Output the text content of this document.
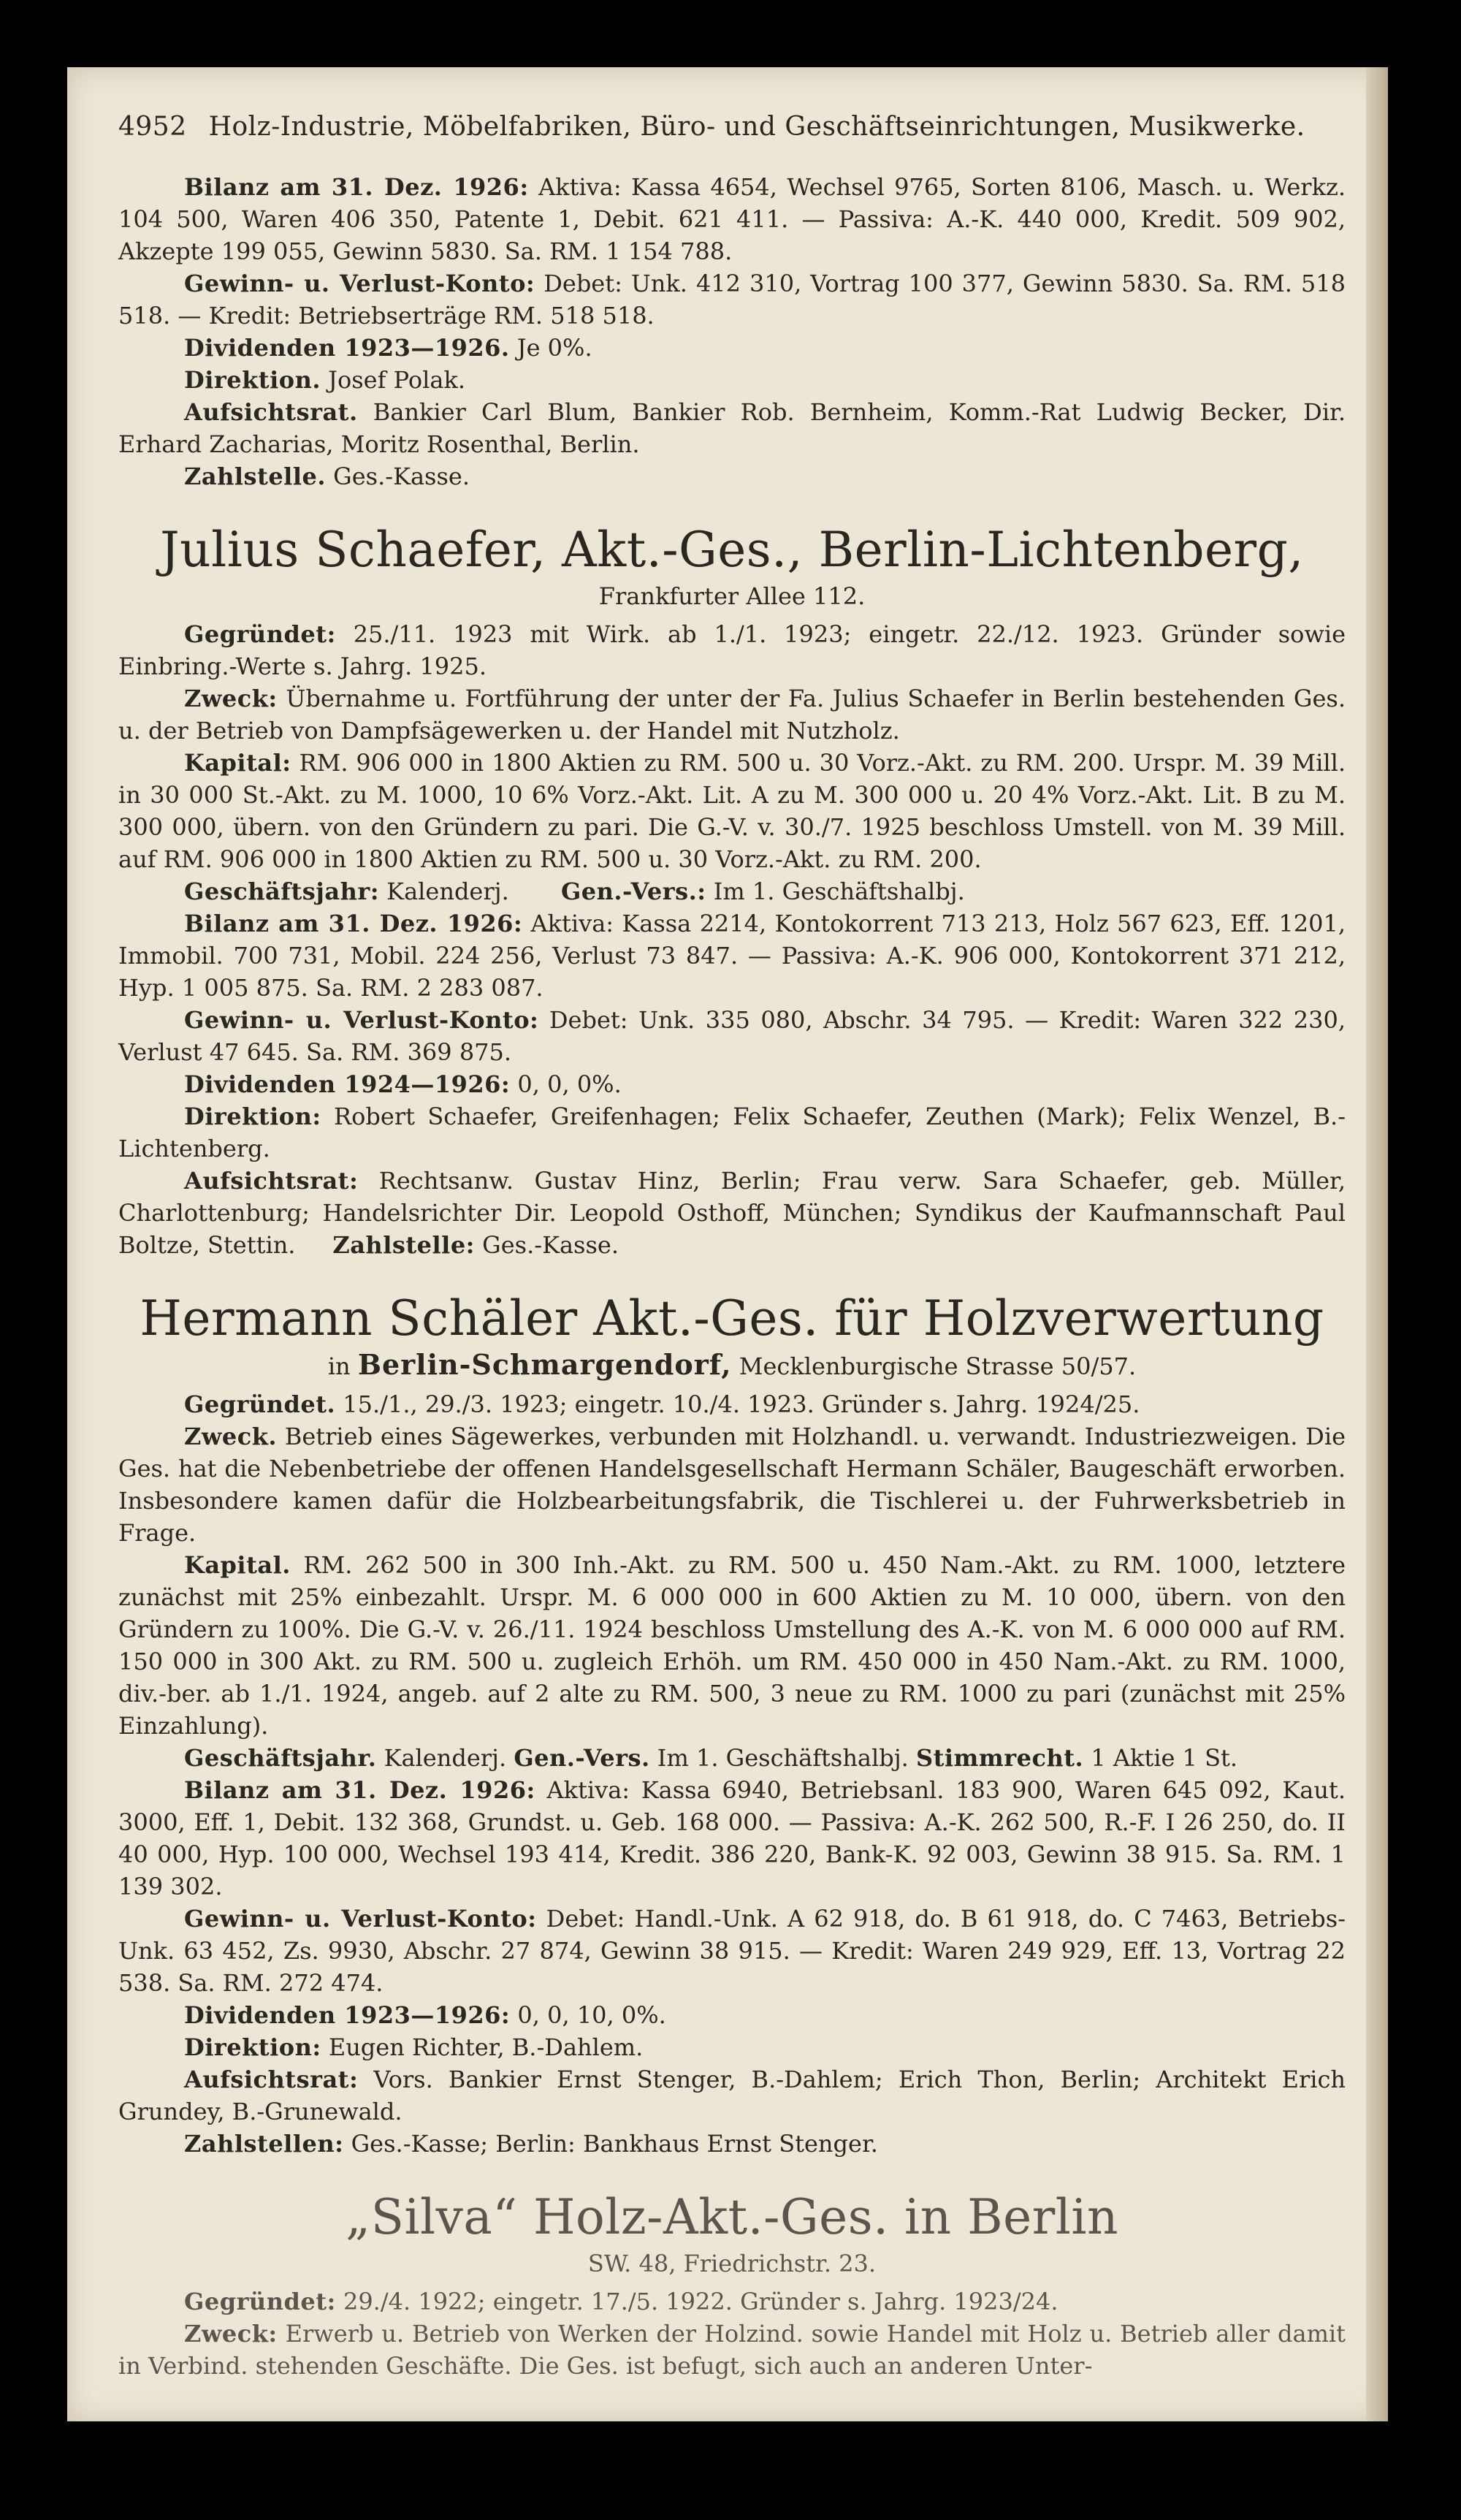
4952 Holz-Industrie, Möbelfabriken, Büro- und Geschäftseinrichtungen, Musikwerke.

Bilanz am 31. Dez. 1926: Aktiva: Kassa 4654, Wechsel 9765, Sorten 8106, Masch. u. Werkz. 104 500, Waren 406 350, Patente 1, Debit. 621 411. — Passiva: A.-K. 440 000, Kredit. 509 902, Akzepte 199 055, Gewinn 5830. Sa. RM. 1 154 788.

Gewinn- u. Verlust-Konto: Debet: Unk. 412 310, Vortrag 100 377, Gewinn 5830. Sa. RM. 518 518. — Kredit: Betriebserträge RM. 518 518.

Dividenden 1923—1926. Je 0%.

Direktion. Josef Polak.

Aufsichtsrat. Bankier Carl Blum, Bankier Rob. Bernheim, Komm.-Rat Ludwig Becker, Dir. Erhard Zacharias, Moritz Rosenthal, Berlin.

Zahlstelle. Ges.-Kasse.

Julius Schaefer, Akt.-Ges., Berlin-Lichtenberg,
Frankfurter Allee 112.

Gegründet: 25./11. 1923 mit Wirk. ab 1./1. 1923; eingetr. 22./12. 1923. Gründer sowie Einbring.-Werte s. Jahrg. 1925.

Zweck: Übernahme u. Fortführung der unter der Fa. Julius Schaefer in Berlin bestehenden Ges. u. der Betrieb von Dampfsägewerken u. der Handel mit Nutzholz.

Kapital: RM. 906 000 in 1800 Aktien zu RM. 500 u. 30 Vorz.-Akt. zu RM. 200. Urspr. M. 39 Mill. in 30 000 St.-Akt. zu M. 1000, 10 6% Vorz.-Akt. Lit. A zu M. 300 000 u. 20 4% Vorz.-Akt. Lit. B zu M. 300 000, übern. von den Gründern zu pari. Die G.-V. v. 30./7. 1925 beschloss Umstell. von M. 39 Mill. auf RM. 906 000 in 1800 Aktien zu RM. 500 u. 30 Vorz.-Akt. zu RM. 200.

Geschäftsjahr: Kalenderj. Gen.-Vers.: Im 1. Geschäftshalbj.

Bilanz am 31. Dez. 1926: Aktiva: Kassa 2214, Kontokorrent 713 213, Holz 567 623, Eff. 1201, Immobil. 700 731, Mobil. 224 256, Verlust 73 847. — Passiva: A.-K. 906 000, Kontokorrent 371 212, Hyp. 1 005 875. Sa. RM. 2 283 087.

Gewinn- u. Verlust-Konto: Debet: Unk. 335 080, Abschr. 34 795. — Kredit: Waren 322 230, Verlust 47 645. Sa. RM. 369 875.

Dividenden 1924—1926: 0, 0, 0%.

Direktion: Robert Schaefer, Greifenhagen; Felix Schaefer, Zeuthen (Mark); Felix Wenzel, B.-Lichtenberg.

Aufsichtsrat: Rechtsanw. Gustav Hinz, Berlin; Frau verw. Sara Schaefer, geb. Müller, Charlottenburg; Handelsrichter Dir. Leopold Osthoff, München; Syndikus der Kaufmannschaft Paul Boltze, Stettin. Zahlstelle: Ges.-Kasse.

Hermann Schäler Akt.-Ges. für Holzverwertung
in Berlin-Schmargendorf, Mecklenburgische Strasse 50/57.

Gegründet. 15./1., 29./3. 1923; eingetr. 10./4. 1923. Gründer s. Jahrg. 1924/25.

Zweck. Betrieb eines Sägewerkes, verbunden mit Holzhandl. u. verwandt. Industriezweigen. Die Ges. hat die Nebenbetriebe der offenen Handelsgesellschaft Hermann Schäler, Baugeschäft erworben. Insbesondere kamen dafür die Holzbearbeitungsfabrik, die Tischlerei u. der Fuhrwerksbetrieb in Frage.

Kapital. RM. 262 500 in 300 Inh.-Akt. zu RM. 500 u. 450 Nam.-Akt. zu RM. 1000, letztere zunächst mit 25% einbezahlt. Urspr. M. 6 000 000 in 600 Aktien zu M. 10 000, übern. von den Gründern zu 100%. Die G.-V. v. 26./11. 1924 beschloss Umstellung des A.-K. von M. 6 000 000 auf RM. 150 000 in 300 Akt. zu RM. 500 u. zugleich Erhöh. um RM. 450 000 in 450 Nam.-Akt. zu RM. 1000, div.-ber. ab 1./1. 1924, angeb. auf 2 alte zu RM. 500, 3 neue zu RM. 1000 zu pari (zunächst mit 25% Einzahlung).

Geschäftsjahr. Kalenderj. Gen.-Vers. Im 1. Geschäftshalbj. Stimmrecht. 1 Aktie 1 St.

Bilanz am 31. Dez. 1926: Aktiva: Kassa 6940, Betriebsanl. 183 900, Waren 645 092, Kaut. 3000, Eff. 1, Debit. 132 368, Grundst. u. Geb. 168 000. — Passiva: A.-K. 262 500, R.-F. I 26 250, do. II 40 000, Hyp. 100 000, Wechsel 193 414, Kredit. 386 220, Bank-K. 92 003, Gewinn 38 915. Sa. RM. 1 139 302.

Gewinn- u. Verlust-Konto: Debet: Handl.-Unk. A 62 918, do. B 61 918, do. C 7463, Betriebs-Unk. 63 452, Zs. 9930, Abschr. 27 874, Gewinn 38 915. — Kredit: Waren 249 929, Eff. 13, Vortrag 22 538. Sa. RM. 272 474.

Dividenden 1923—1926: 0, 0, 10, 0%.

Direktion: Eugen Richter, B.-Dahlem.

Aufsichtsrat: Vors. Bankier Ernst Stenger, B.-Dahlem; Erich Thon, Berlin; Architekt Erich Grundey, B.-Grunewald.

Zahlstellen: Ges.-Kasse; Berlin: Bankhaus Ernst Stenger.

„Silva“ Holz-Akt.-Ges. in Berlin
SW. 48, Friedrichstr. 23.

Gegründet: 29./4. 1922; eingetr. 17./5. 1922. Gründer s. Jahrg. 1923/24.

Zweck: Erwerb u. Betrieb von Werken der Holzind. sowie Handel mit Holz u. Betrieb aller damit in Verbind. stehenden Geschäfte. Die Ges. ist befugt, sich auch an anderen Unter-
